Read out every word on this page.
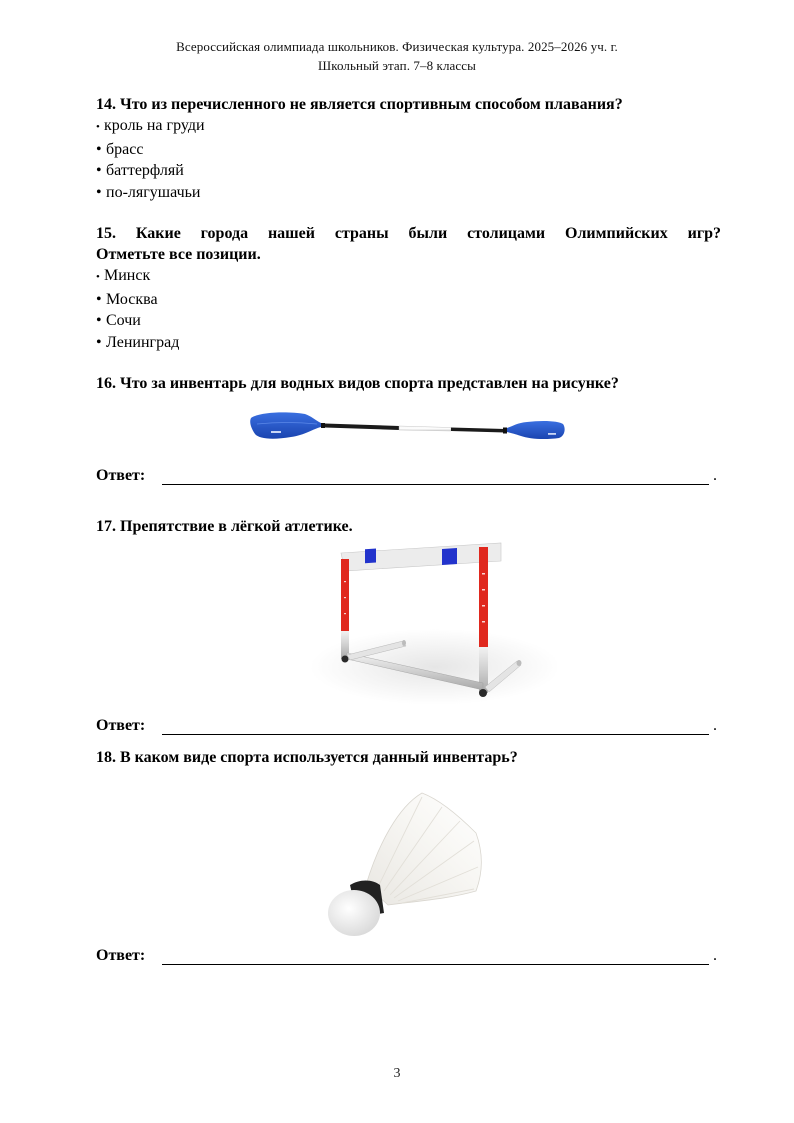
Всероссийская олимпиада школьников. Физическая культура. 2025–2026 уч. г.
Школьный этап. 7–8 классы
14. Что из перечисленного не является спортивным способом плавания?
• кроль на груди
• брасс
• баттерфляй
• по-лягушачьи
15. Какие города нашей страны были столицами Олимпийских игр?
Отметьте все позиции.
• Минск
• Москва
• Сочи
• Ленинград
16. Что за инвентарь для водных видов спорта представлен на рисунке?
Ответ:	.
17. Препятствие в лёгкой атлетике.
Ответ:	.
18. В каком виде спорта используется данный инвентарь?
Ответ:	.
3
